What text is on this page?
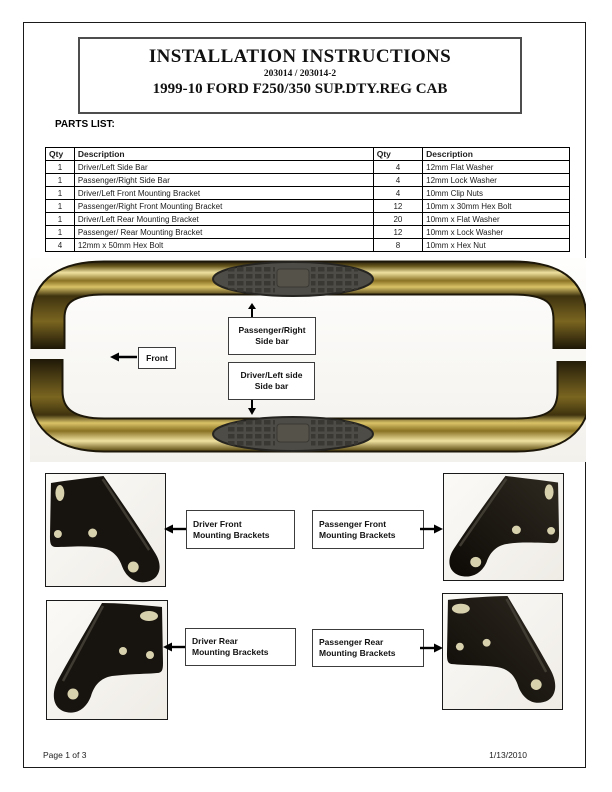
INSTALLATION INSTRUCTIONS
203014 / 203014-2
1999-10 FORD F250/350 SUP.DTY.REG CAB
PARTS LIST:
Qty	Description	Qty	Description
1	Driver/Left Side Bar	4	12mm Flat Washer
1	Passenger/Right Side Bar	4	12mm Lock Washer
1	Driver/Left Front Mounting Bracket	4	10mm Clip Nuts
1	Passenger/Right Front Mounting Bracket	12	10mm x 30mm Hex Bolt
1	Driver/Left Rear Mounting Bracket	20	10mm x Flat Washer
1	Passenger/ Rear Mounting Bracket	12	10mm x Lock Washer
4	12mm x 50mm Hex Bolt	8	10mm x Hex Nut
Passenger/Right
Side bar
Front
Driver/Left side
Side bar
Driver Front
Mounting Brackets
Passenger Front
Mounting Brackets
Driver Rear
Mounting Brackets
Passenger Rear
Mounting Brackets
Page 1 of 3	1/13/2010
